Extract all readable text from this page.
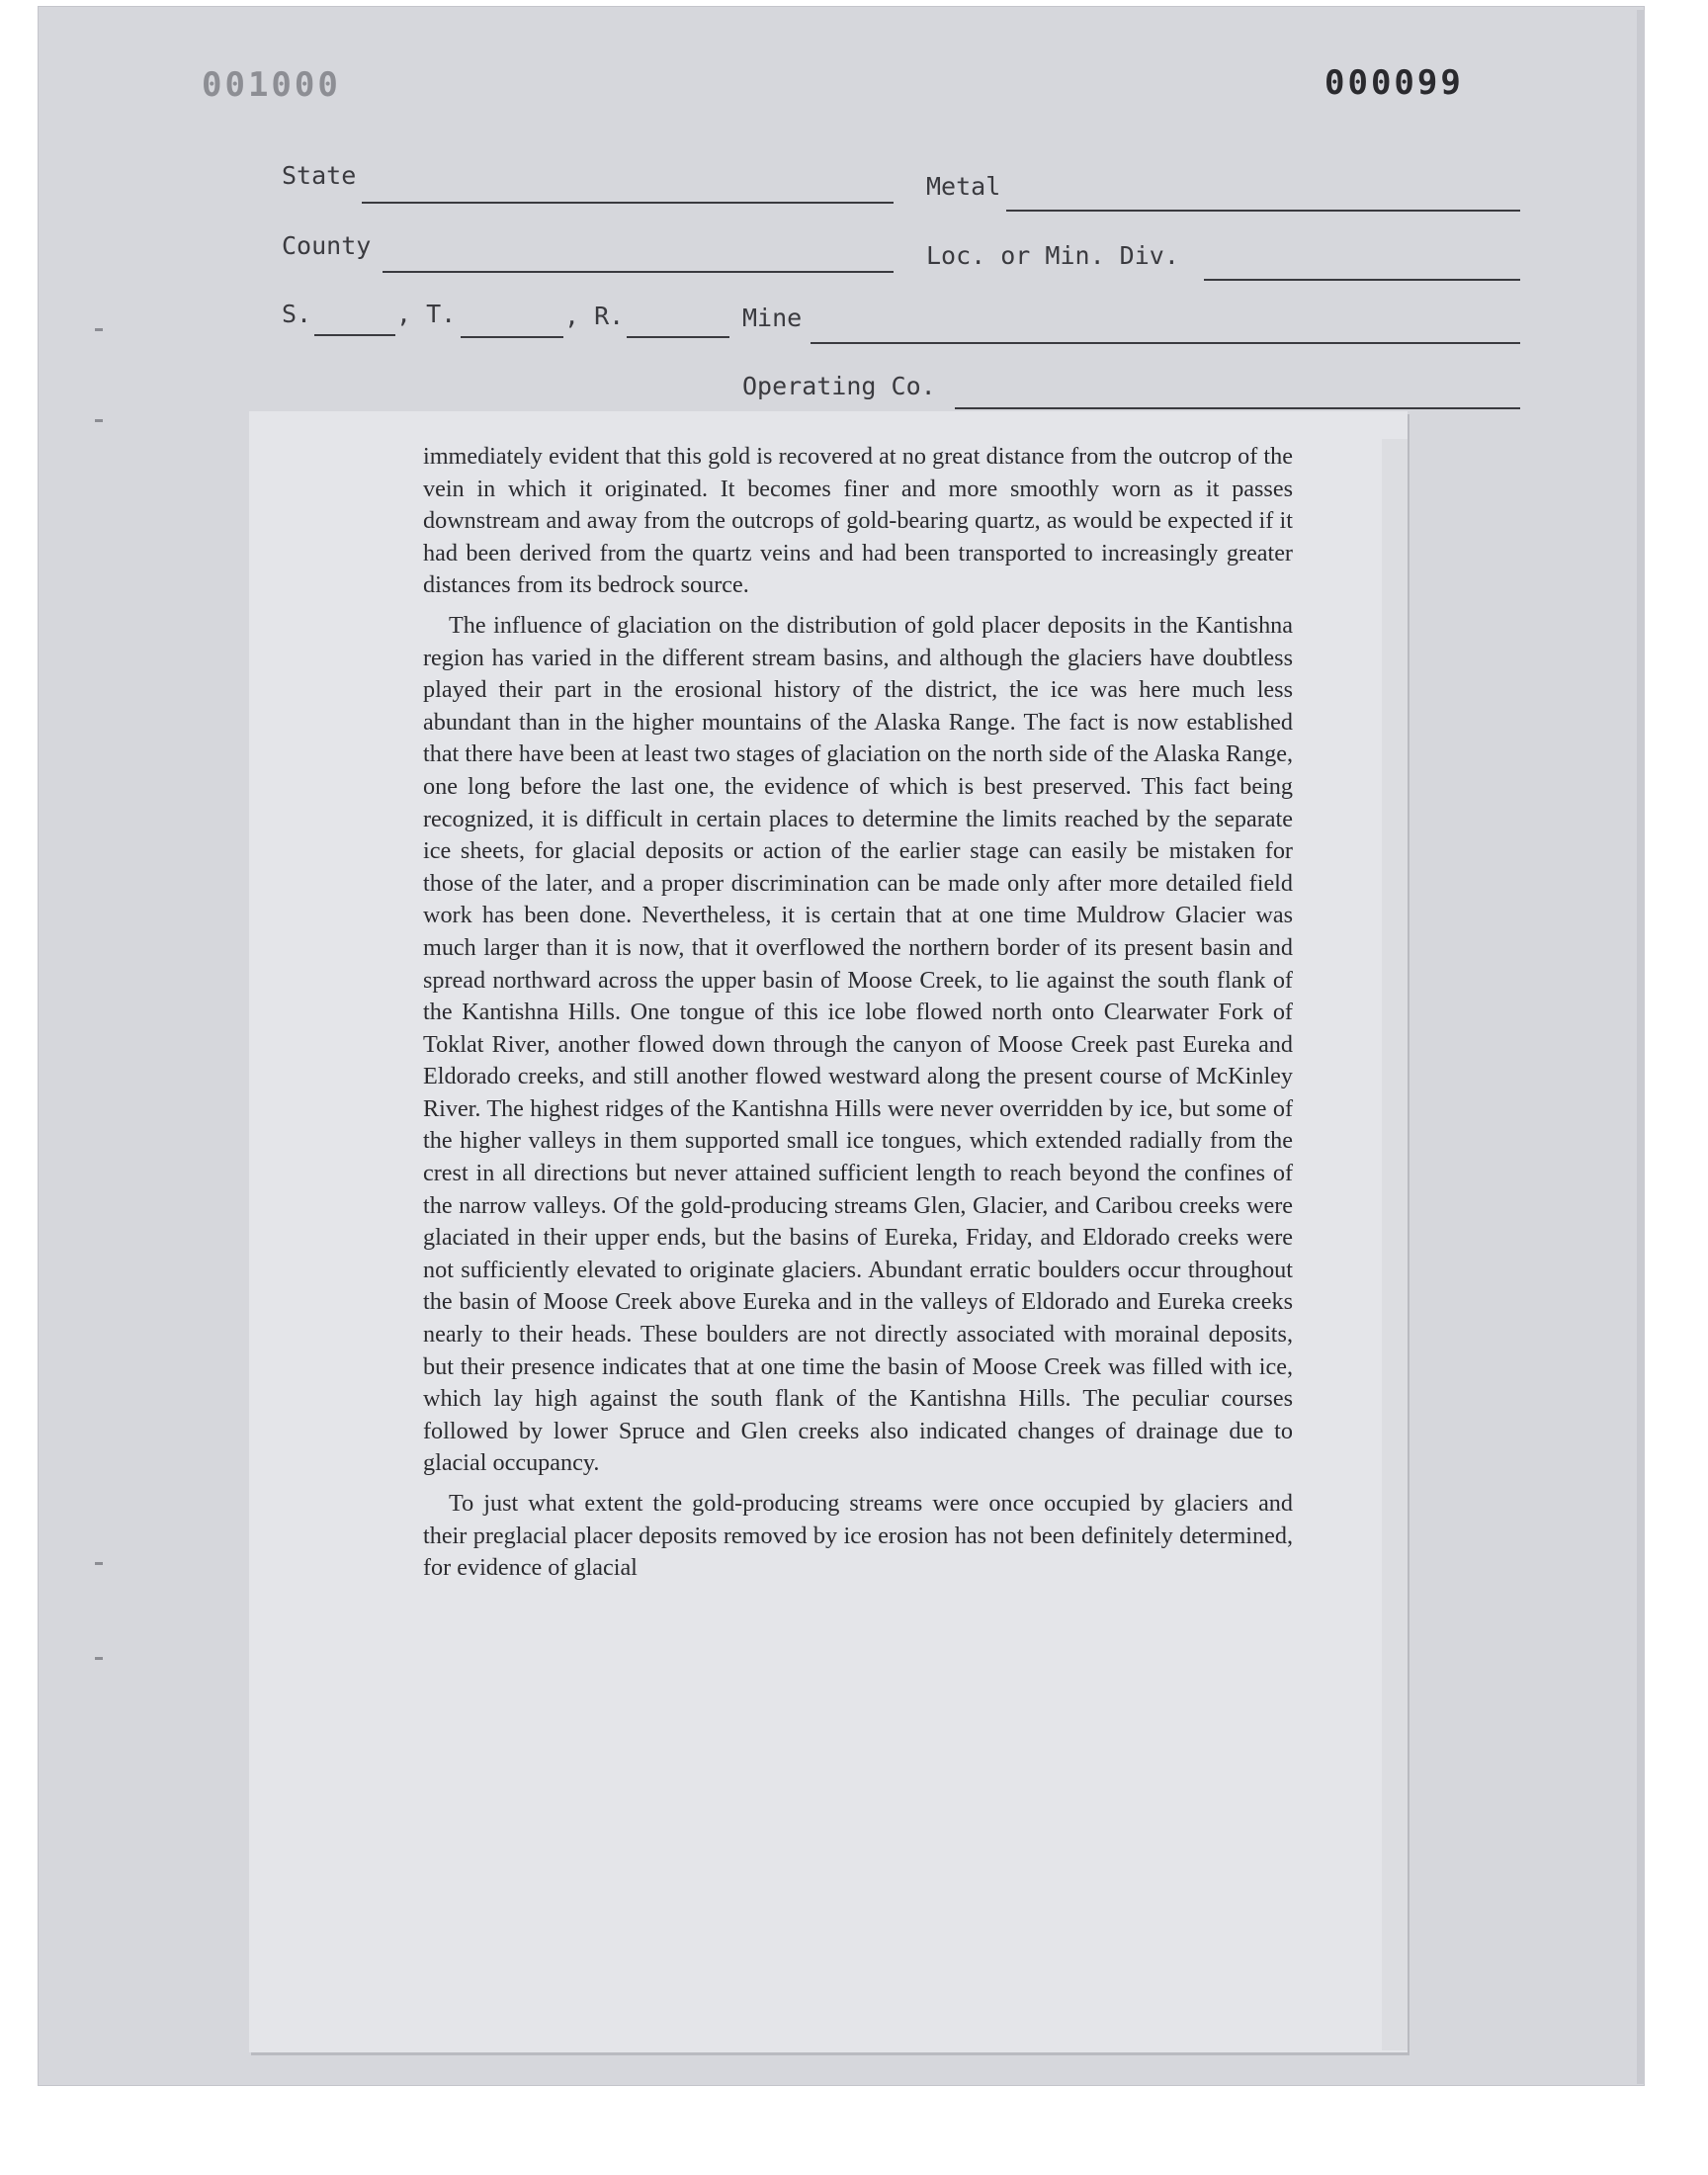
001000	000099
State	Metal
County	Loc. or Min. Div.
S.	, T.	, R.	Mine
Operating Co.

immediately evident that this gold is recovered at no great distance from the outcrop of the vein in which it originated. It becomes finer and more smoothly worn as it passes downstream and away from the outcrops of gold-bearing quartz, as would be expected if it had been derived from the quartz veins and had been transported to increasingly greater distances from its bedrock source.

The influence of glaciation on the distribution of gold placer deposits in the Kantishna region has varied in the different stream basins, and although the glaciers have doubtless played their part in the erosional history of the district, the ice was here much less abundant than in the higher mountains of the Alaska Range. The fact is now established that there have been at least two stages of glaciation on the north side of the Alaska Range, one long before the last one, the evidence of which is best preserved. This fact being recognized, it is difficult in certain places to determine the limits reached by the separate ice sheets, for glacial deposits or action of the earlier stage can easily be mistaken for those of the later, and a proper discrimination can be made only after more detailed field work has been done. Nevertheless, it is certain that at one time Muldrow Glacier was much larger than it is now, that it overflowed the northern border of its present basin and spread northward across the upper basin of Moose Creek, to lie against the south flank of the Kantishna Hills. One tongue of this ice lobe flowed north onto Clearwater Fork of Toklat River, another flowed down through the canyon of Moose Creek past Eureka and Eldorado creeks, and still another flowed westward along the present course of McKinley River. The highest ridges of the Kantishna Hills were never overridden by ice, but some of the higher valleys in them supported small ice tongues, which extended radially from the crest in all directions but never attained sufficient length to reach beyond the confines of the narrow valleys. Of the gold-producing streams Glen, Glacier, and Caribou creeks were glaciated in their upper ends, but the basins of Eureka, Friday, and Eldorado creeks were not sufficiently elevated to originate glaciers. Abundant erratic boulders occur throughout the basin of Moose Creek above Eureka and in the valleys of Eldorado and Eureka creeks nearly to their heads. These boulders are not directly associated with morainal deposits, but their presence indicates that at one time the basin of Moose Creek was filled with ice, which lay high against the south flank of the Kantishna Hills. The peculiar courses followed by lower Spruce and Glen creeks also indicated changes of drainage due to glacial occupancy.

To just what extent the gold-producing streams were once occupied by glaciers and their preglacial placer deposits removed by ice erosion has not been definitely determined, for evidence of glacial
